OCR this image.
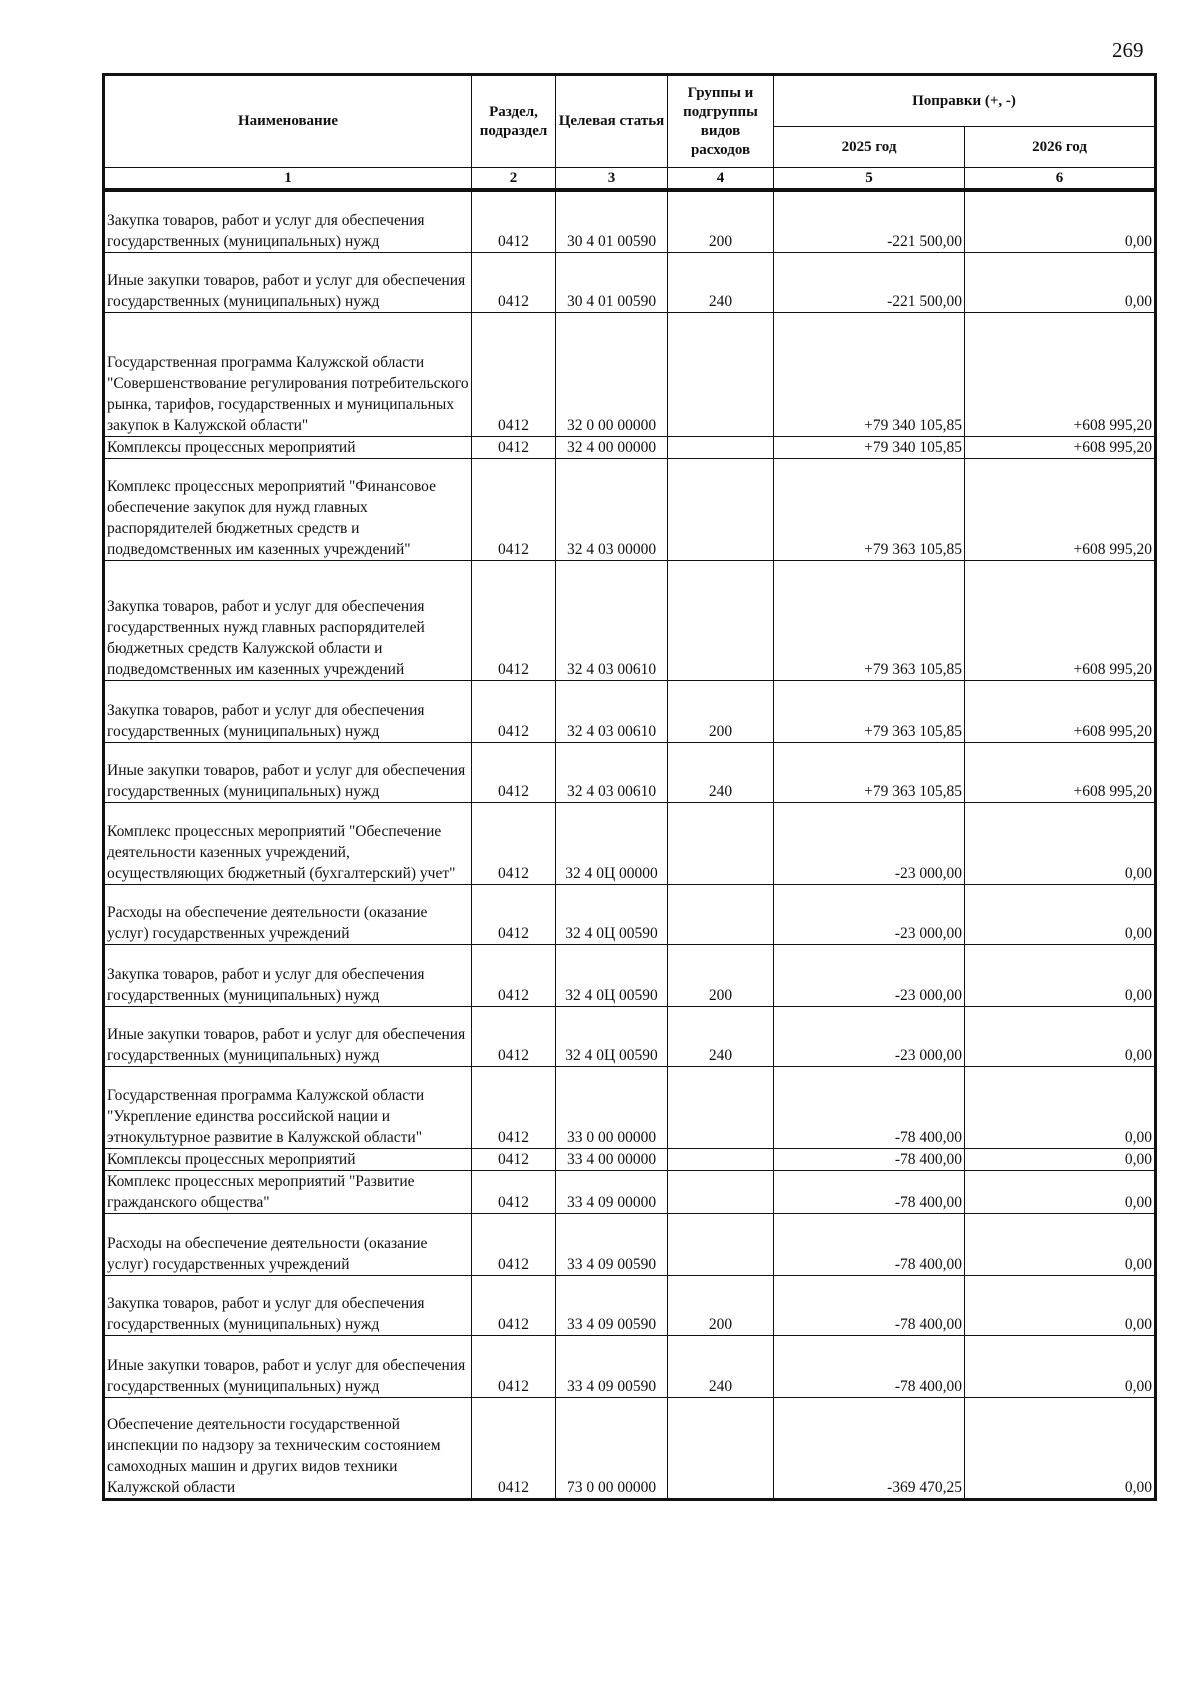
269
Наименование	Раздел, подраздел	Целевая статья	Группы и подгруппы видов расходов	Поправки (+, -)	
				2025 год	2026 год
1	2	3	4	5	6
Закупка товаров, работ и услуг для обеспечения государственных (муниципальных) нужд	0412	30 4 01 00590	200	-221 500,00	0,00
Иные закупки товаров, работ и услуг для обеспечения государственных (муниципальных) нужд	0412	30 4 01 00590	240	-221 500,00	0,00
Государственная программа Калужской области "Совершенствование регулирования потребительского рынка, тарифов, государственных и муниципальных закупок в Калужской области"	0412	32 0 00 00000		+79 340 105,85	+608 995,20
Комплексы процессных мероприятий	0412	32 4 00 00000		+79 340 105,85	+608 995,20
Комплекс процессных мероприятий "Финансовое обеспечение закупок для нужд главных распорядителей бюджетных средств и подведомственных им казенных учреждений"	0412	32 4 03 00000		+79 363 105,85	+608 995,20
Закупка товаров, работ и услуг для обеспечения государственных нужд главных распорядителей бюджетных средств Калужской области и подведомственных им казенных учреждений	0412	32 4 03 00610		+79 363 105,85	+608 995,20
Закупка товаров, работ и услуг для обеспечения государственных (муниципальных) нужд	0412	32 4 03 00610	200	+79 363 105,85	+608 995,20
Иные закупки товаров, работ и услуг для обеспечения государственных (муниципальных) нужд	0412	32 4 03 00610	240	+79 363 105,85	+608 995,20
Комплекс процессных мероприятий "Обеспечение деятельности казенных учреждений, осуществляющих бюджетный (бухгалтерский) учет"	0412	32 4 0Ц 00000		-23 000,00	0,00
Расходы на обеспечение деятельности (оказание услуг) государственных учреждений	0412	32 4 0Ц 00590		-23 000,00	0,00
Закупка товаров, работ и услуг для обеспечения государственных (муниципальных) нужд	0412	32 4 0Ц 00590	200	-23 000,00	0,00
Иные закупки товаров, работ и услуг для обеспечения государственных (муниципальных) нужд	0412	32 4 0Ц 00590	240	-23 000,00	0,00
Государственная программа Калужской области "Укрепление единства российской нации и этнокультурное развитие в Калужской области"	0412	33 0 00 00000		-78 400,00	0,00
Комплексы процессных мероприятий	0412	33 4 00 00000		-78 400,00	0,00
Комплекс процессных мероприятий "Развитие гражданского общества"	0412	33 4 09 00000		-78 400,00	0,00
Расходы на обеспечение деятельности (оказание услуг) государственных учреждений	0412	33 4 09 00590		-78 400,00	0,00
Закупка товаров, работ и услуг для обеспечения государственных (муниципальных) нужд	0412	33 4 09 00590	200	-78 400,00	0,00
Иные закупки товаров, работ и услуг для обеспечения государственных (муниципальных) нужд	0412	33 4 09 00590	240	-78 400,00	0,00
Обеспечение деятельности государственной инспекции по надзору за техническим состоянием самоходных машин и других видов техники Калужской области	0412	73 0 00 00000		-369 470,25	0,00
